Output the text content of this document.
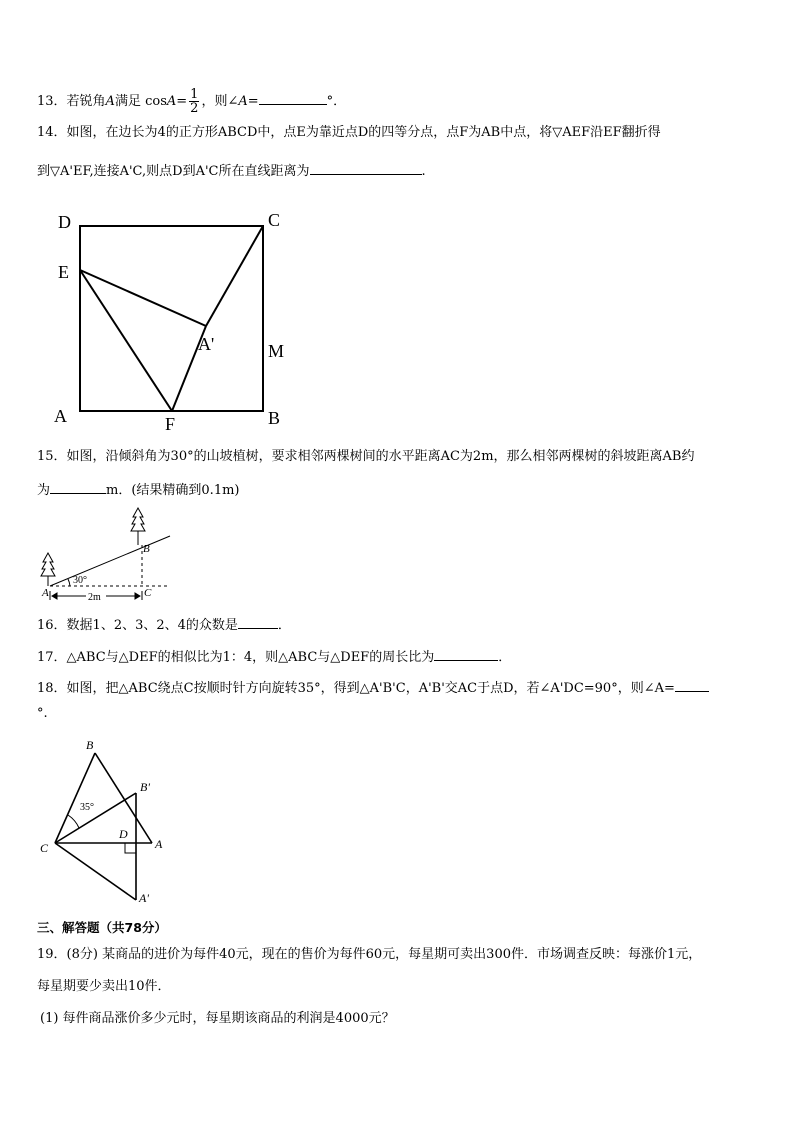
13．若锐角A满足 $\cos A= \frac{1}{2}$ ，则∠A=	°．
14．如图，在边长为4的正方形ABCD中，点E为靠近点D的四等分点，点F为AB中点，将▽AEF沿EF翻折得
到▽A'EF,连接A'C,则点D到A'C所在直线距离为	.
D	C
E
A'	M
A	F	B
15．如图，沿倾斜角为30°的山坡植树，要求相邻两棵树间的水平距离AC为2m，那么相邻两棵树的斜坡距离AB约
为	m．(结果精确到0.1m)
B
A	C
30°
2m
16．数据1、2、3、2、4的众数是	．
17．△ABC与△DEF的相似比为1：4，则△ABC与△DEF的周长比为	．
18．如图，把△ABC绕点C按顺时针方向旋转35°，得到△A'B'C，A'B'交AC于点D，若∠A'DC=90°，则∠A=
°.
B
B'
D
C	A
A'
35°
三、解答题（共78分）
19．(8分) 某商品的进价为每件40元，现在的售价为每件60元，每星期可卖出300件．市场调查反映：每涨价1元，
每星期要少卖出10件．
(1) 每件商品涨价多少元时，每星期该商品的利润是4000元？
